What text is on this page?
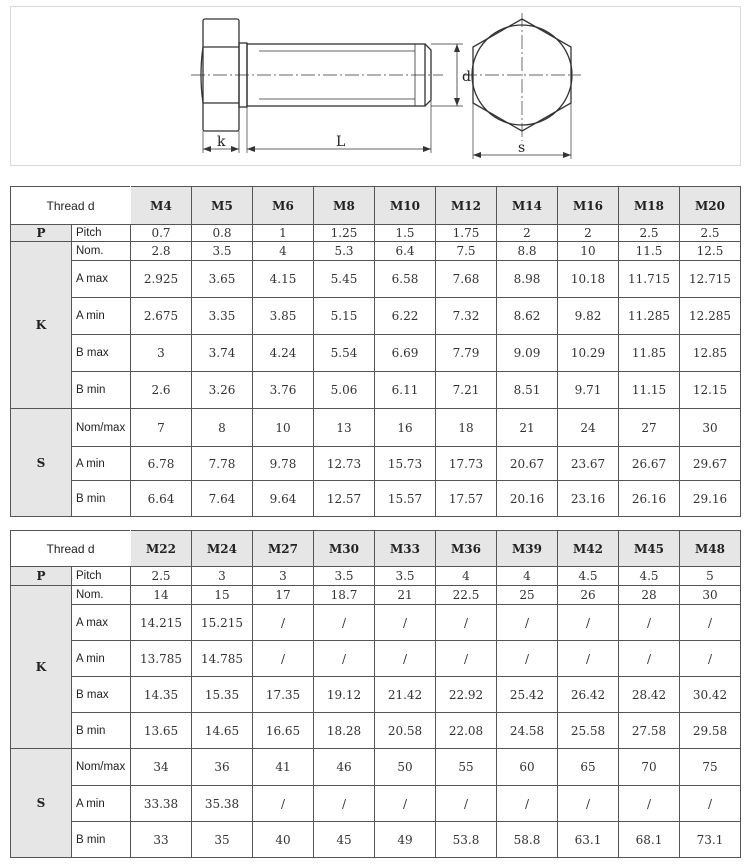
d
k	L	s
Thread d		M4	M5	M6	M8	M10	M12	M14	M16	M18	M20
P	Pitch	0.7	0.8	1	1.25	1.5	1.75	2	2	2.5	2.5
K	Nom.	2.8	3.5	4	5.3	6.4	7.5	8.8	10	11.5	12.5
	A max	2.925	3.65	4.15	5.45	6.58	7.68	8.98	10.18	11.715	12.715
	A min	2.675	3.35	3.85	5.15	6.22	7.32	8.62	9.82	11.285	12.285
	B max	3	3.74	4.24	5.54	6.69	7.79	9.09	10.29	11.85	12.85
	B min	2.6	3.26	3.76	5.06	6.11	7.21	8.51	9.71	11.15	12.15
S	Nom/max	7	8	10	13	16	18	21	24	27	30
	A min	6.78	7.78	9.78	12.73	15.73	17.73	20.67	23.67	26.67	29.67
	B min	6.64	7.64	9.64	12.57	15.57	17.57	20.16	23.16	26.16	29.16
Thread d		M22	M24	M27	M30	M33	M36	M39	M42	M45	M48
P	Pitch	2.5	3	3	3.5	3.5	4	4	4.5	4.5	5
K	Nom.	14	15	17	18.7	21	22.5	25	26	28	30
	A max	14.215	15.215	/	/	/	/	/	/	/	/
	A min	13.785	14.785	/	/	/	/	/	/	/	/
	B max	14.35	15.35	17.35	19.12	21.42	22.92	25.42	26.42	28.42	30.42
	B min	13.65	14.65	16.65	18.28	20.58	22.08	24.58	25.58	27.58	29.58
S	Nom/max	34	36	41	46	50	55	60	65	70	75
	A min	33.38	35.38	/	/	/	/	/	/	/	/
	B min	33	35	40	45	49	53.8	58.8	63.1	68.1	73.1
